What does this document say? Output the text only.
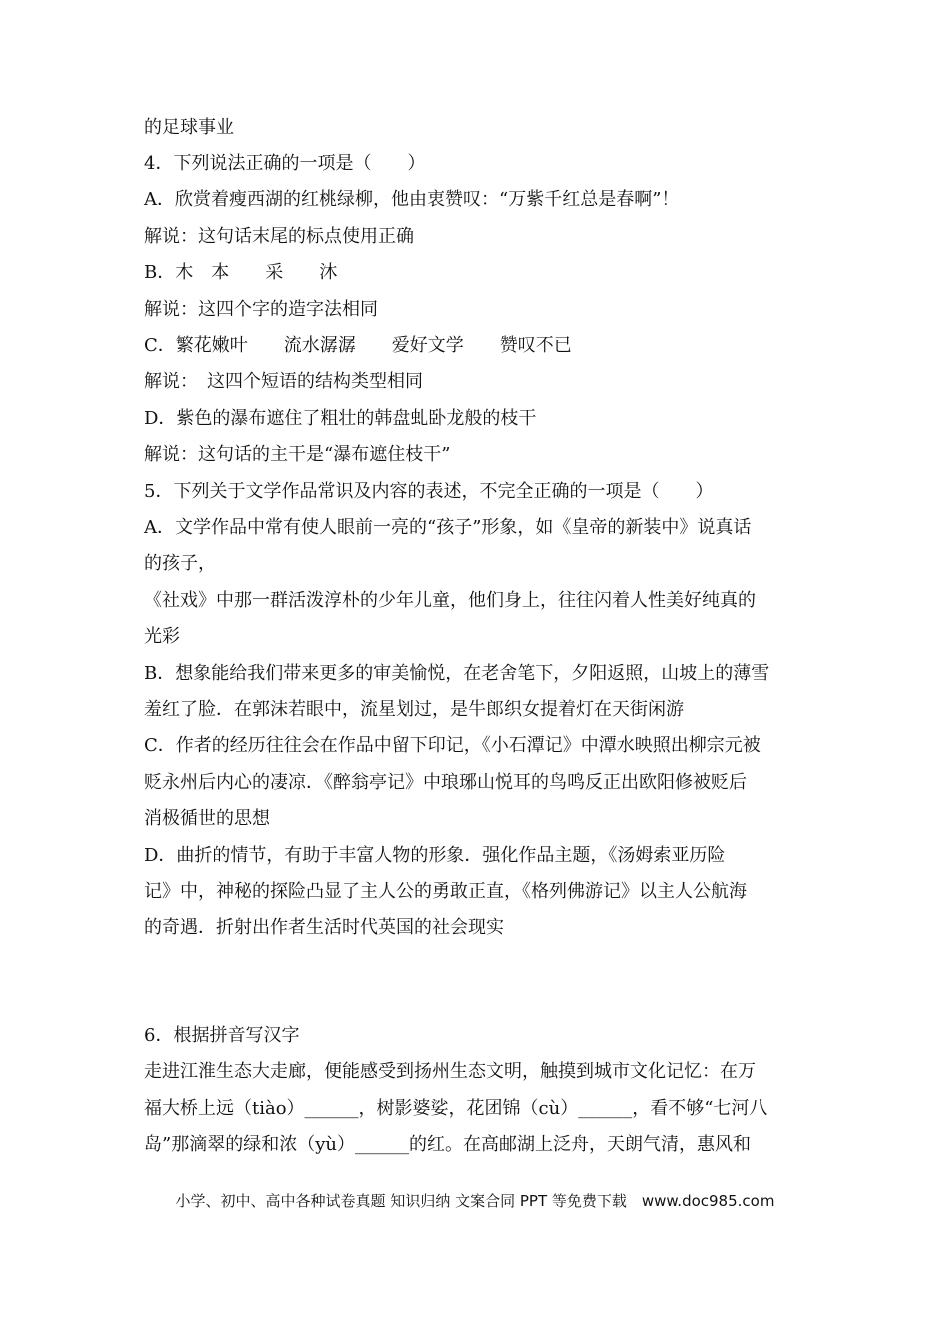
的足球事业
4．下列说法正确的一项是（　　）
A．欣赏着瘦西湖的红桃绿柳，他由衷赞叹：“万紫千红总是春啊”！
解说：这句话末尾的标点使用正确
B．木　本　　采　　沐
解说：这四个字的造字法相同
C．繁花嫩叶　　流水潺潺　　爱好文学　　赞叹不已
解说：　这四个短语的结构类型相同
D．紫色的瀑布遮住了粗壮的韩盘虬卧龙般的枝干
解说：这句话的主干是“瀑布遮住枝干”
5．下列关于文学作品常识及内容的表述，不完全正确的一项是（　　）
A．文学作品中常有使人眼前一亮的“孩子”形象，如《皇帝的新装中》说真话
的孩子，
《社戏》中那一群活泼淳朴的少年儿童，他们身上，往往闪着人性美好纯真的
光彩
B．想象能给我们带来更多的审美愉悦，在老舍笔下，夕阳返照，山坡上的薄雪
羞红了脸．在郭沫若眼中，流星划过，是牛郎织女提着灯在天街闲游
C．作者的经历往往会在作品中留下印记，《小石潭记》中潭水映照出柳宗元被
贬永州后内心的凄凉．《醉翁亭记》中琅琊山悦耳的鸟鸣反正出欧阳修被贬后
消极循世的思想
D．曲折的情节，有助于丰富人物的形象．强化作品主题，《汤姆索亚历险
记》中，神秘的探险凸显了主人公的勇敢正直，《格列佛游记》以主人公航海
的奇遇．折射出作者生活时代英国的社会现实
6．根据拼音写汉字
走进江淮生态大走廊，便能感受到扬州生态文明，触摸到城市文化记忆：在万
福大桥上远（tiào）______，树影婆娑，花团锦（cù）______，看不够“七河八
岛”那滴翠的绿和浓（yù）______的红。在高邮湖上泛舟，天朗气清，惠风和
小学、初中、高中各种试卷真题 知识归纳 文案合同 PPT 等免费下载　www.doc985.com
